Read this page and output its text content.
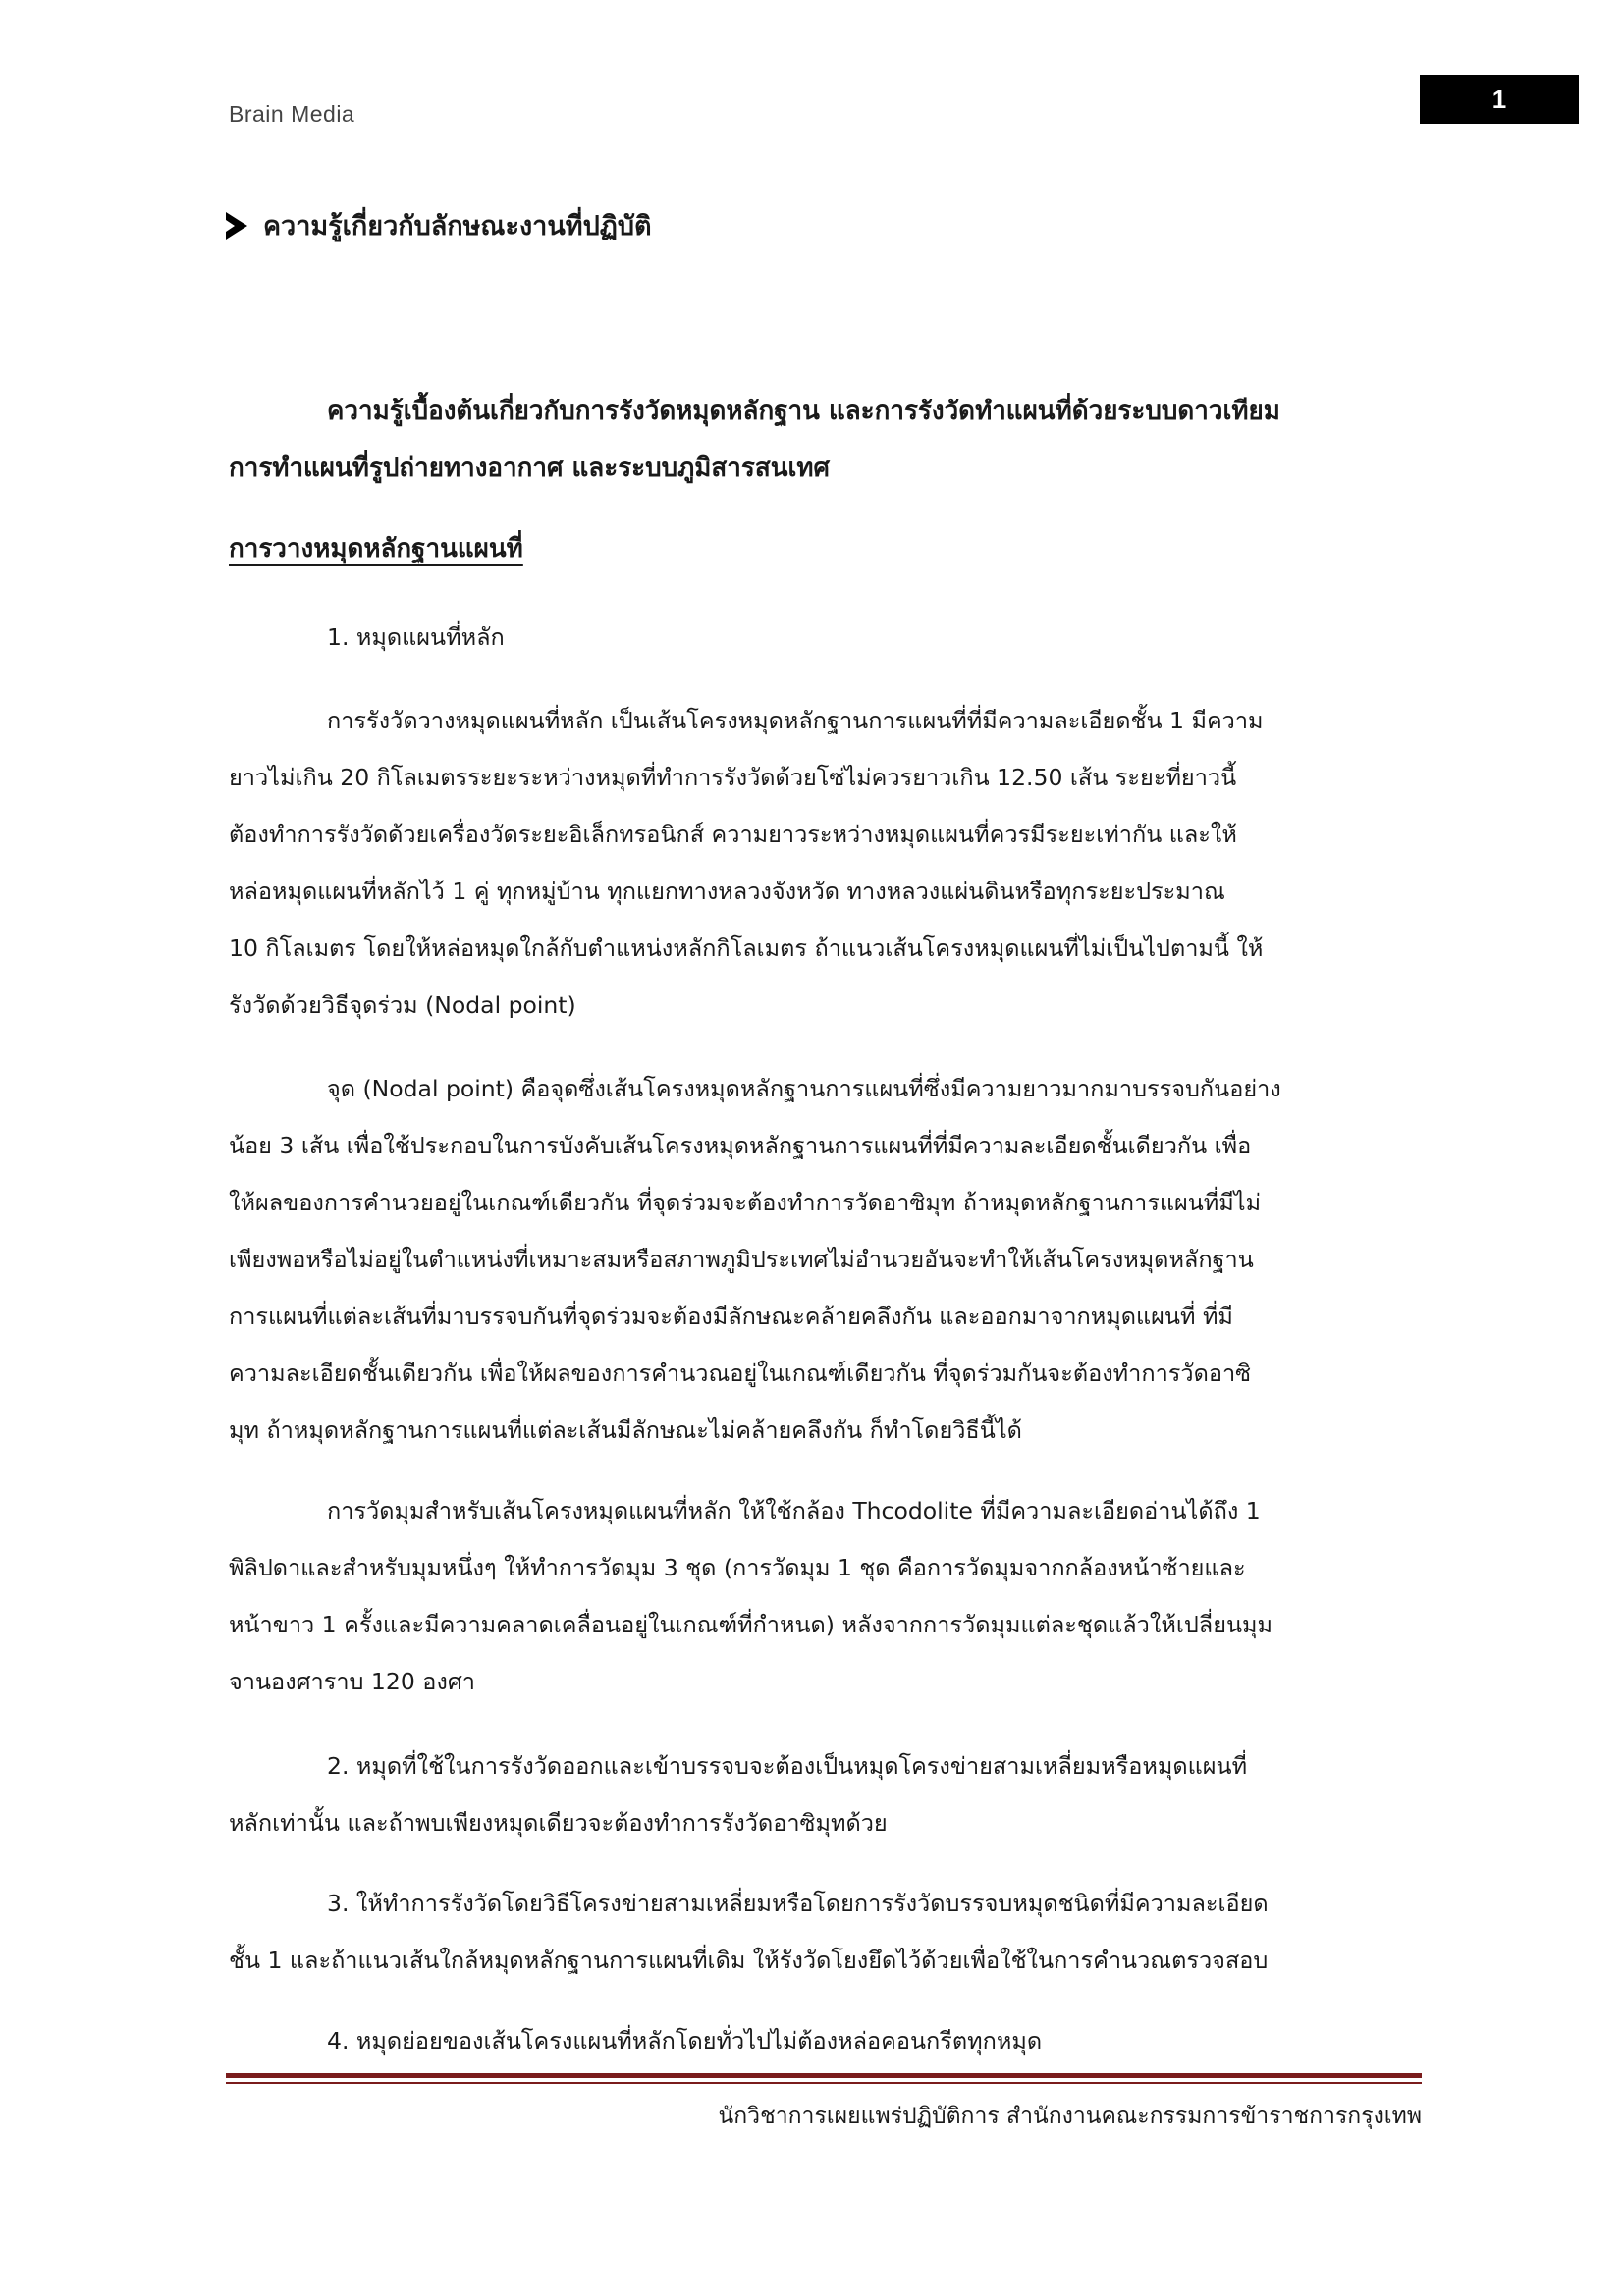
Brain Media	1
ความรู้เกี่ยวกับลักษณะงานที่ปฏิบัติ
ความรู้เบื้องต้นเกี่ยวกับการรังวัดหมุดหลักฐาน และการรังวัดทำแผนที่ด้วยระบบดาวเทียม
การทำแผนที่รูปถ่ายทางอากาศ และระบบภูมิสารสนเทศ
การวางหมุดหลักฐานแผนที่
1. หมุดแผนที่หลัก
การรังวัดวางหมุดแผนที่หลัก เป็นเส้นโครงหมุดหลักฐานการแผนที่ที่มีความละเอียดชั้น 1 มีความ
ยาวไม่เกิน 20 กิโลเมตรระยะระหว่างหมุดที่ทำการรังวัดด้วยโซ่ไม่ควรยาวเกิน 12.50 เส้น ระยะที่ยาวนี้
ต้องทำการรังวัดด้วยเครื่องวัดระยะอิเล็กทรอนิกส์ ความยาวระหว่างหมุดแผนที่ควรมีระยะเท่ากัน และให้
หล่อหมุดแผนที่หลักไว้ 1 คู่ ทุกหมู่บ้าน ทุกแยกทางหลวงจังหวัด ทางหลวงแผ่นดินหรือทุกระยะประมาณ
10 กิโลเมตร โดยให้หล่อหมุดใกล้กับตำแหน่งหลักกิโลเมตร ถ้าแนวเส้นโครงหมุดแผนที่ไม่เป็นไปตามนี้ ให้
รังวัดด้วยวิธีจุดร่วม (Nodal point)
จุด (Nodal point) คือจุดซึ่งเส้นโครงหมุดหลักฐานการแผนที่ซึ่งมีความยาวมากมาบรรจบกันอย่าง
น้อย 3 เส้น เพื่อใช้ประกอบในการบังคับเส้นโครงหมุดหลักฐานการแผนที่ที่มีความละเอียดชั้นเดียวกัน เพื่อ
ให้ผลของการคำนวยอยู่ในเกณฑ์เดียวกัน ที่จุดร่วมจะต้องทำการวัดอาซิมุท ถ้าหมุดหลักฐานการแผนที่มีไม่
เพียงพอหรือไม่อยู่ในตำแหน่งที่เหมาะสมหรือสภาพภูมิประเทศไม่อำนวยอันจะทำให้เส้นโครงหมุดหลักฐาน
การแผนที่แต่ละเส้นที่มาบรรจบกันที่จุดร่วมจะต้องมีลักษณะคล้ายคลึงกัน และออกมาจากหมุดแผนที่ ที่มี
ความละเอียดชั้นเดียวกัน เพื่อให้ผลของการคำนวณอยู่ในเกณฑ์เดียวกัน ที่จุดร่วมกันจะต้องทำการวัดอาซิ
มุท ถ้าหมุดหลักฐานการแผนที่แต่ละเส้นมีลักษณะไม่คล้ายคลึงกัน ก็ทำโดยวิธีนี้ได้
การวัดมุมสำหรับเส้นโครงหมุดแผนที่หลัก ให้ใช้กล้อง Thcodolite ที่มีความละเอียดอ่านได้ถึง 1
พิลิปดาและสำหรับมุมหนึ่งๆ ให้ทำการวัดมุม 3 ชุด (การวัดมุม 1 ชุด คือการวัดมุมจากกล้องหน้าซ้ายและ
หน้าขาว 1 ครั้งและมีความคลาดเคลื่อนอยู่ในเกณฑ์ที่กำหนด) หลังจากการวัดมุมแต่ละชุดแล้วให้เปลี่ยนมุม
จานองศาราบ 120 องศา
2. หมุดที่ใช้ในการรังวัดออกและเข้าบรรจบจะต้องเป็นหมุดโครงข่ายสามเหลี่ยมหรือหมุดแผนที่
หลักเท่านั้น และถ้าพบเพียงหมุดเดียวจะต้องทำการรังวัดอาซิมุทด้วย
3. ให้ทำการรังวัดโดยวิธีโครงข่ายสามเหลี่ยมหรือโดยการรังวัดบรรจบหมุดชนิดที่มีความละเอียด
ชั้น 1 และถ้าแนวเส้นใกล้หมุดหลักฐานการแผนที่เดิม ให้รังวัดโยงยึดไว้ด้วยเพื่อใช้ในการคำนวณตรวจสอบ
4. หมุดย่อยของเส้นโครงแผนที่หลักโดยทั่วไปไม่ต้องหล่อคอนกรีตทุกหมุด
นักวิชาการเผยแพร่ปฏิบัติการ สำนักงานคณะกรรมการข้าราชการกรุงเทพ
